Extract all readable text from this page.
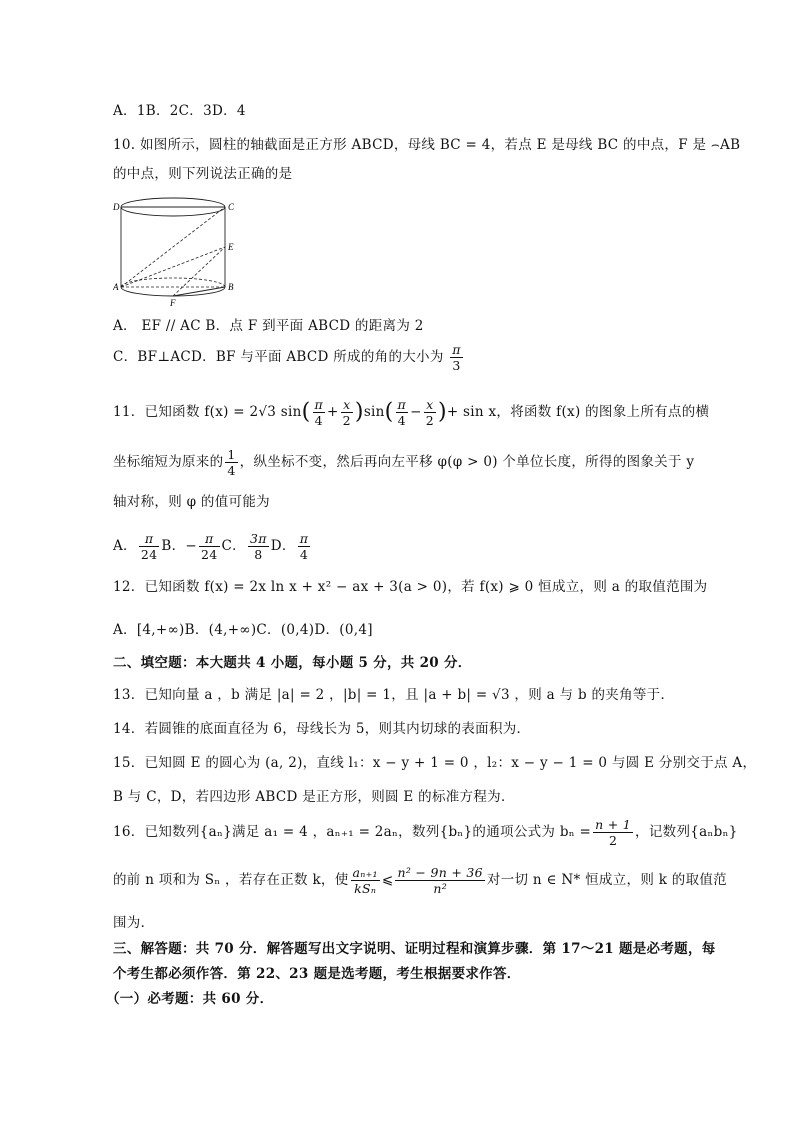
A．1B．2C．3D．4
10. 如图所示，圆柱的轴截面是正方形 ABCD，母线 BC = 4，若点 E 是母线 BC 的中点，F 是 ⌢AB
的中点，则下列说法正确的是
D	C
E
A	B
F
A． EF // AC B．点 F 到平面 ABCD 的距离为 2
C．BF⊥ACD．BF 与平面 ABCD 所成的角的大小为 $\frac{\pi}{3}$
11．已知函数 f(x) = 2√3 $\sin( \frac{\pi}{4} + \frac{x}{2} )\sin( \frac{\pi}{4} - \frac{x}{2}$ )+ sin x，将函数 f(x) 的图象上所有点的横
坐标缩短为原来的 $\frac{1}{4}$ ，纵坐标不变，然后再向左平移 φ(φ > 0) 个单位长度，所得的图象关于 y
轴对称，则 φ 的值可能为
A． $\frac{\pi}{24}$ B．− $\frac{\pi}{24}$ C． $\frac{3\pi}{8}$ D． $\frac{\pi}{4}$
12．已知函数 f(x) = 2x ln x + x² − ax + 3(a > 0)，若 f(x) ⩾ 0 恒成立，则 a 的取值范围为
A．[4,+∞)B．(4,+∞)C．(0,4)D．(0,4]
二、填空题：本大题共 4 小题，每小题 5 分，共 20 分．
13．已知向量 a ，b 满足 |a| = 2 ，|b| = 1，且 |a + b| = √3 ，则 a 与 b 的夹角等于．
14．若圆锥的底面直径为 6，母线长为 5，则其内切球的表面积为．
15．已知圆 E 的圆心为 (a, 2)，直线 l₁：x − y + 1 = 0 ，l₂：x − y − 1 = 0 与圆 E 分别交于点 A，
B 与 C，D，若四边形 ABCD 是正方形，则圆 E 的标准方程为．
16．已知数列{aₙ}满足 a₁ = 4 ，aₙ₊₁ = 2aₙ，数列{bₙ}的通项公式为 $b_n = \frac{n + 1}{2}$ ，记数列{aₙbₙ}
的前 n 项和为 Sₙ ，若存在正数 k，使 $\frac{\text{aₙ₊₁}}{\text{kSₙ}}$ ⩽ $\frac{\text{n² − 9n + 36}}{\text{n²}}$ 对一切 n ∈ N* 恒成立，则 k 的取值范
围为．
三、解答题：共 70 分．解答题写出文字说明、证明过程和演算步骤．第 17～21 题是必考题，每
个考生都必须作答．第 22、23 题是选考题，考生根据要求作答．
（一）必考题：共 60 分．
